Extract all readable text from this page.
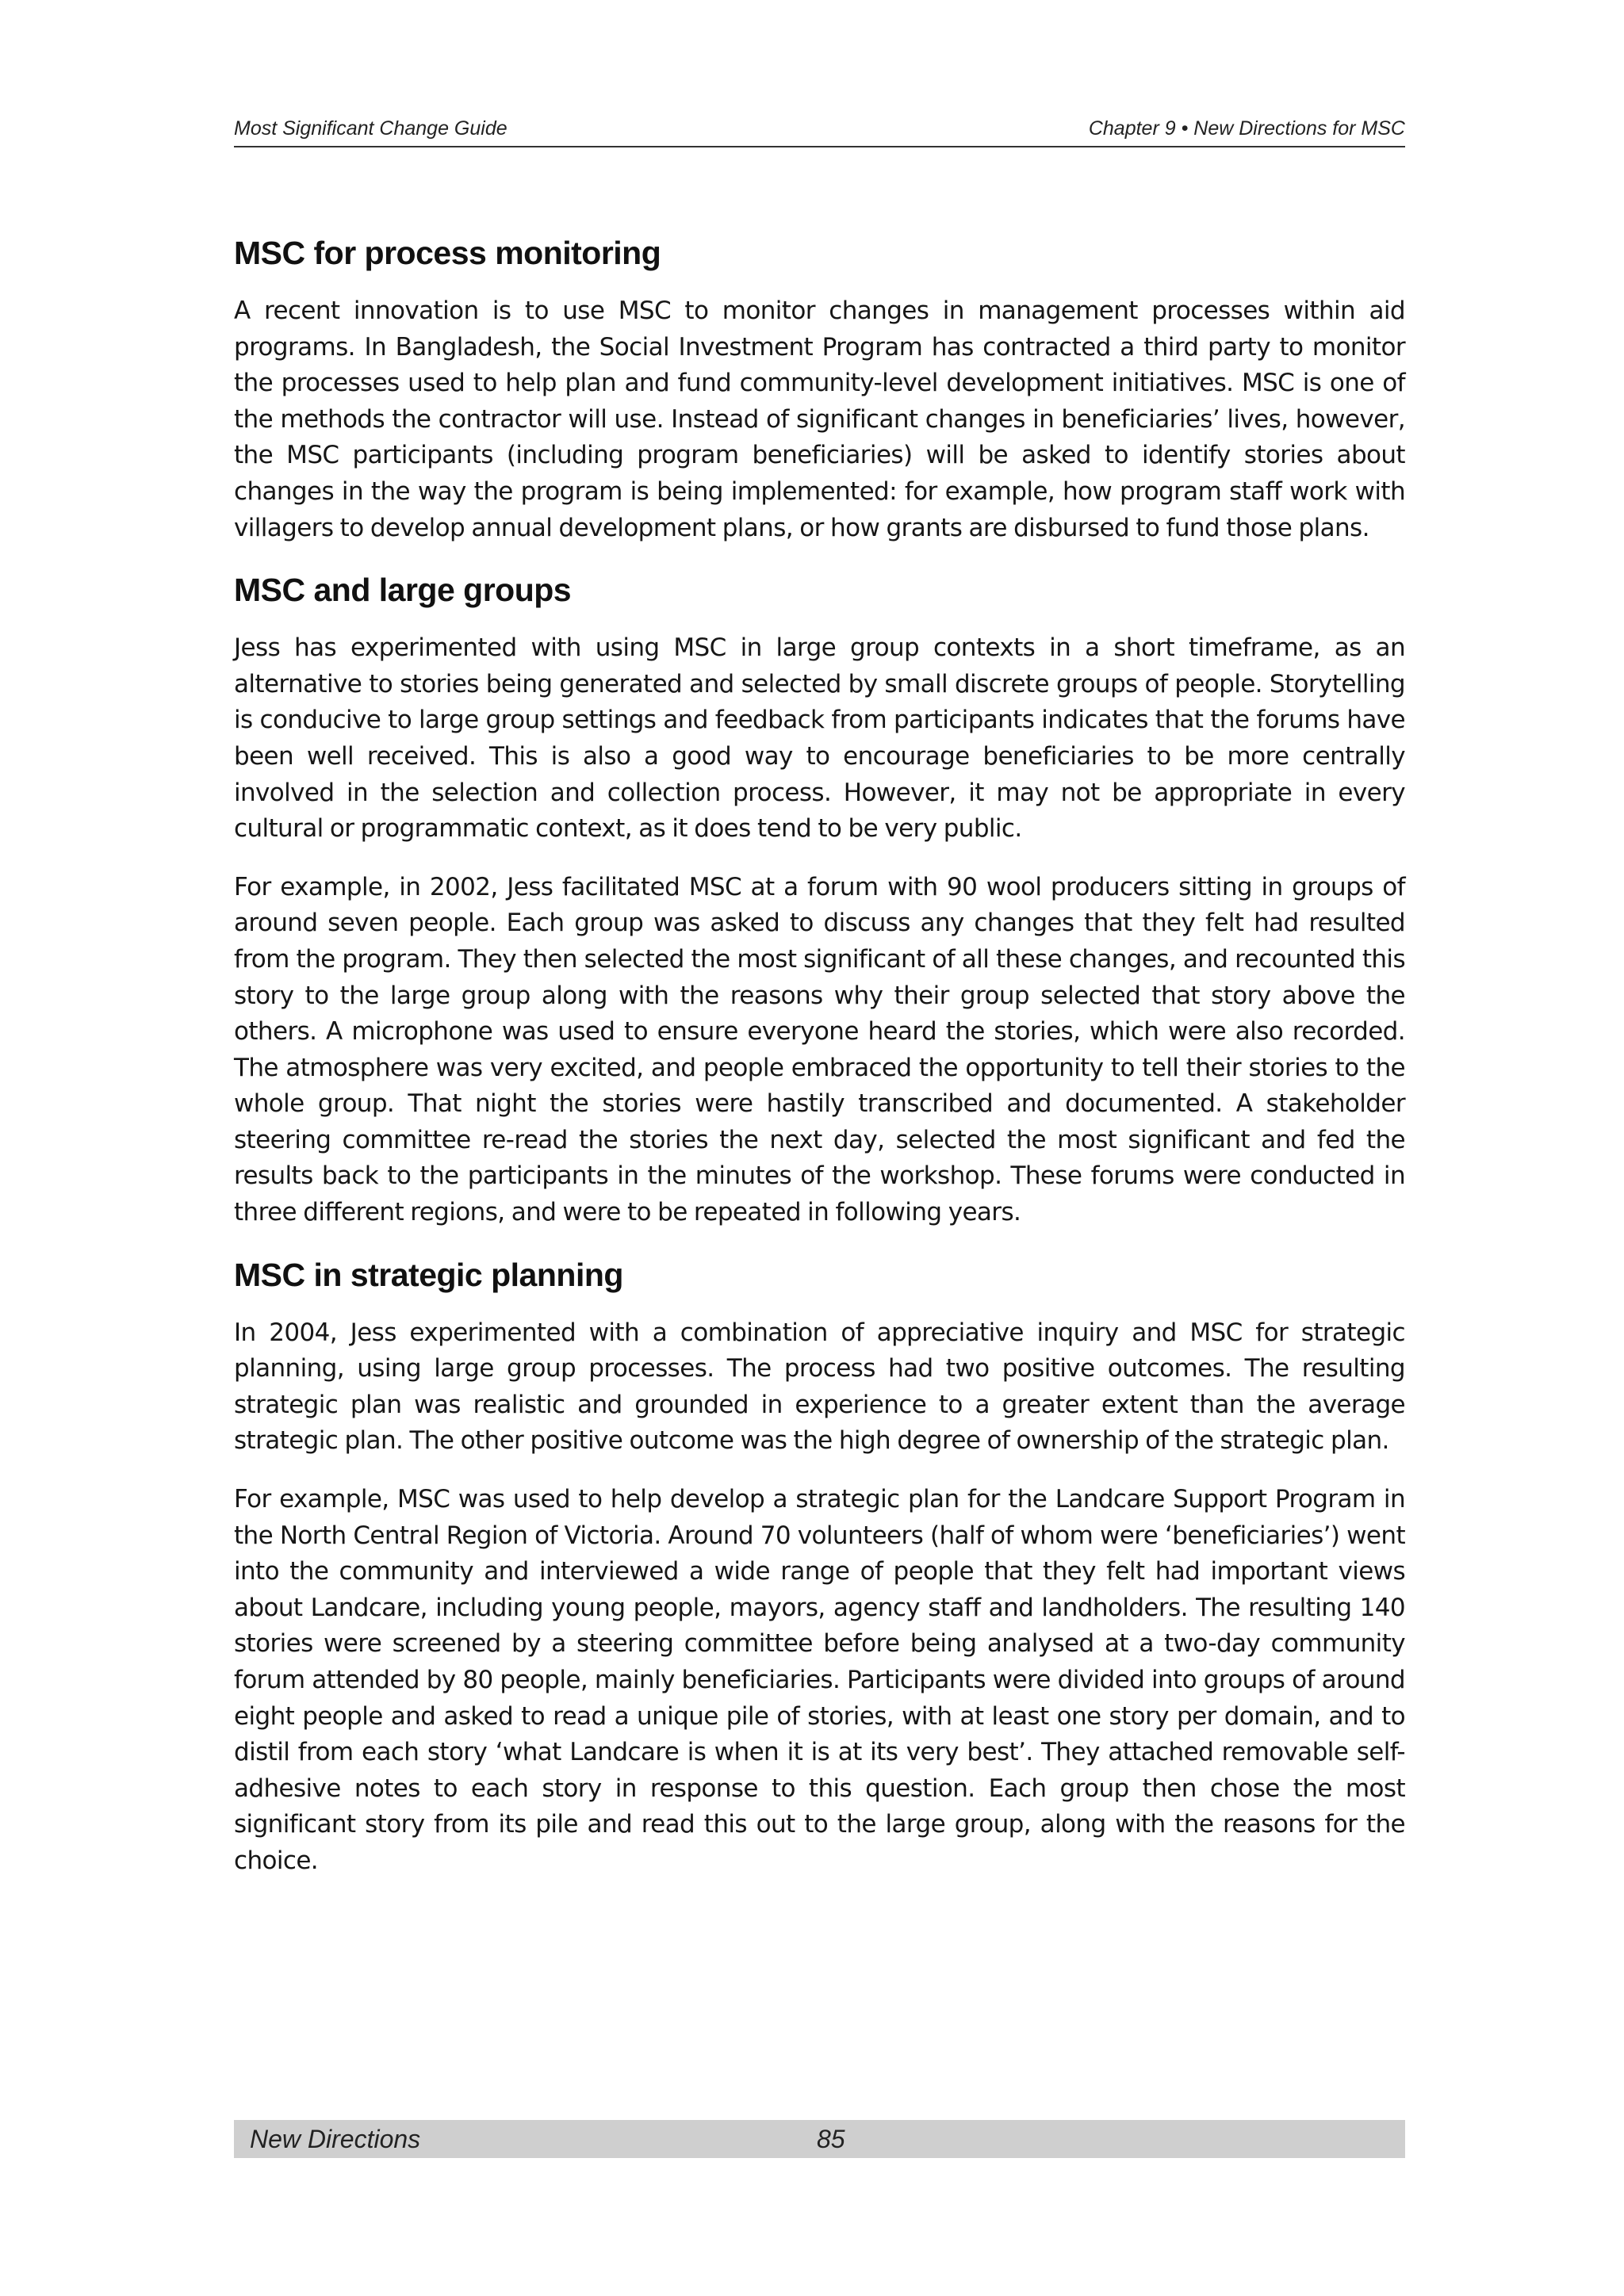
Most Significant Change Guide	Chapter 9 • New Directions for MSC
MSC for process monitoring

A recent innovation is to use MSC to monitor changes in management processes within aid programs. In Bangladesh, the Social Investment Program has contracted a third party to monitor the processes used to help plan and fund community-level development initiatives. MSC is one of the methods the contractor will use. Instead of significant changes in beneficiaries’ lives, however, the MSC participants (including program beneficiaries) will be asked to identify stories about changes in the way the program is being implemented: for example, how program staff work with villagers to develop annual development plans, or how grants are disbursed to fund those plans.

MSC and large groups

Jess has experimented with using MSC in large group contexts in a short timeframe, as an alternative to stories being generated and selected by small discrete groups of people. Storytelling is conducive to large group settings and feedback from participants indicates that the forums have been well received. This is also a good way to encourage beneficiaries to be more centrally involved in the selection and collection process. However, it may not be appropriate in every cultural or programmatic context, as it does tend to be very public.

For example, in 2002, Jess facilitated MSC at a forum with 90 wool producers sitting in groups of around seven people. Each group was asked to discuss any changes that they felt had resulted from the program. They then selected the most significant of all these changes, and recounted this story to the large group along with the reasons why their group selected that story above the others. A microphone was used to ensure everyone heard the stories, which were also recorded. The atmosphere was very excited, and people embraced the opportunity to tell their stories to the whole group. That night the stories were hastily transcribed and documented. A stakeholder steering committee re-read the stories the next day, selected the most significant and fed the results back to the participants in the minutes of the workshop. These forums were conducted in three different regions, and were to be repeated in following years.

MSC in strategic planning

In 2004, Jess experimented with a combination of appreciative inquiry and MSC for strategic planning, using large group processes. The process had two positive outcomes. The resulting strategic plan was realistic and grounded in experience to a greater extent than the average strategic plan. The other positive outcome was the high degree of ownership of the strategic plan.

For example, MSC was used to help develop a strategic plan for the Landcare Support Program in the North Central Region of Victoria. Around 70 volunteers (half of whom were ‘beneficiaries’) went into the community and interviewed a wide range of people that they felt had important views about Landcare, including young people, mayors, agency staff and landholders. The resulting 140 stories were screened by a steering committee before being analysed at a two-day community forum attended by 80 people, mainly beneficiaries. Participants were divided into groups of around eight people and asked to read a unique pile of stories, with at least one story per domain, and to distil from each story ‘what Landcare is when it is at its very best’. They attached removable self-adhesive notes to each story in response to this question. Each group then chose the most significant story from its pile and read this out to the large group, along with the reasons for the choice.

New Directions	85
